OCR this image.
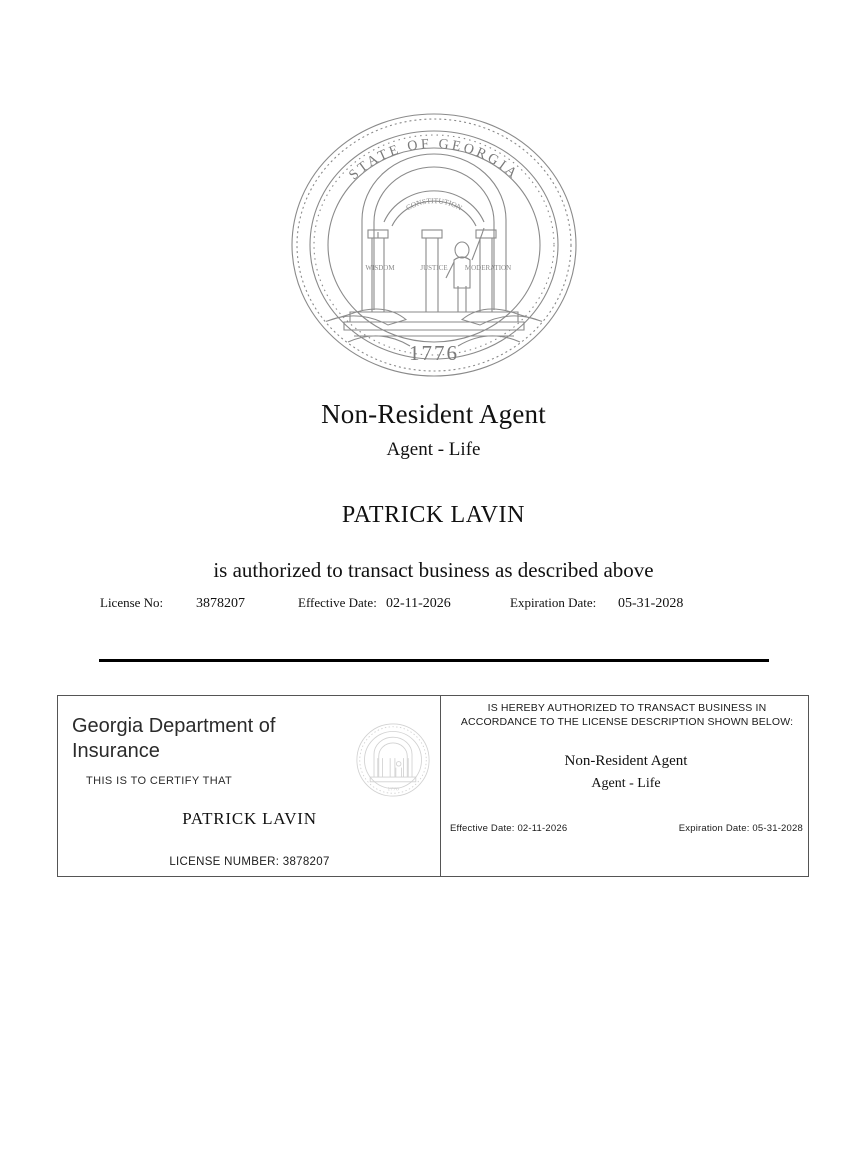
1776
STATE OF GEORGIA
CONSTITUTION
WISDOM	JUSTICE MODERATION
Non-Resident Agent
Agent - Life
PATRICK LAVIN
is authorized to transact business as described above
License No: 3878207	Effective Date: 02-11-2026	Expiration Date: 05-31-2028
Georgia Department of Insurance
THIS IS TO CERTIFY THAT
PATRICK LAVIN
LICENSE NUMBER: 3878207
1776
IS HEREBY AUTHORIZED TO TRANSACT BUSINESS IN ACCORDANCE TO THE LICENSE DESCRIPTION SHOWN BELOW:
Non-Resident Agent
Agent - Life
Effective Date: 02-11-2026	Expiration Date: 05-31-2028
